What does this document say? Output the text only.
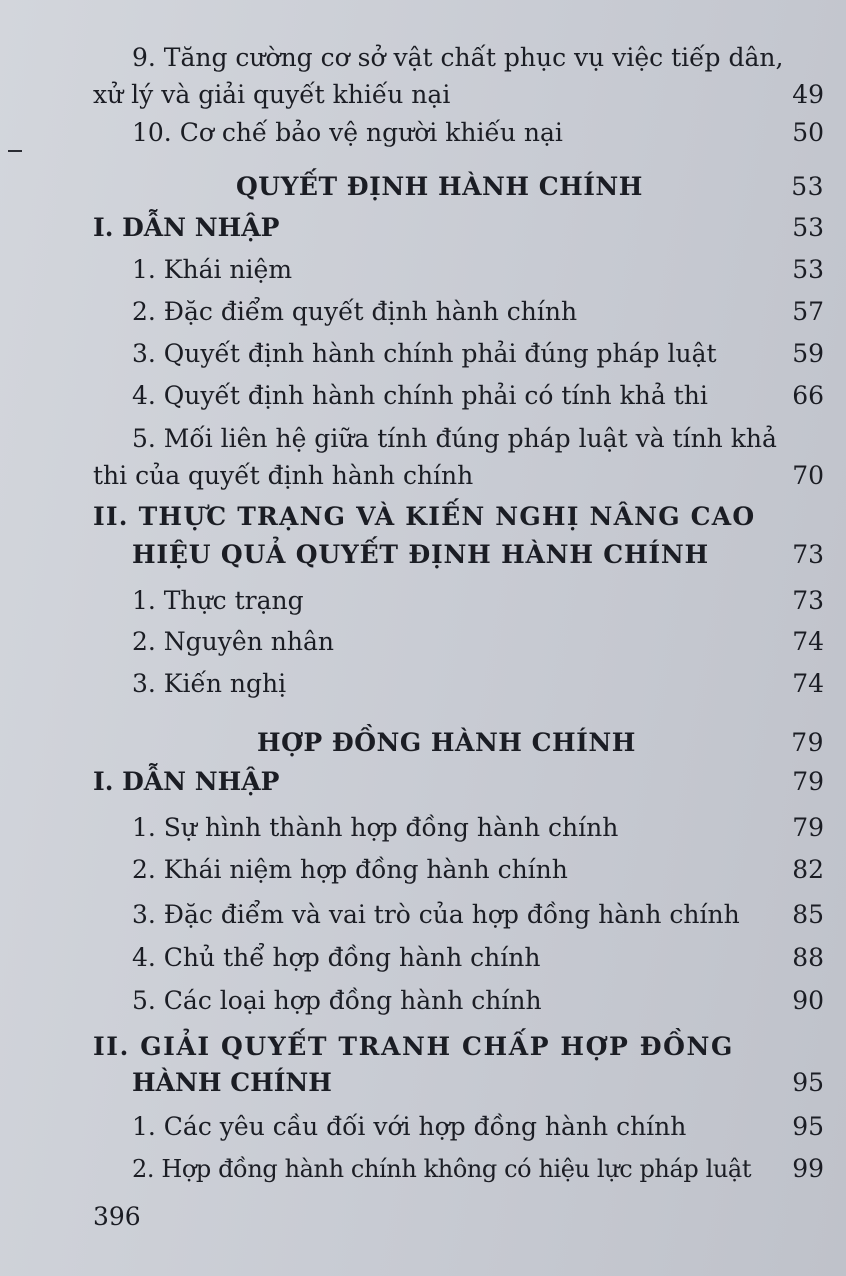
9. Tăng cường cơ sở vật chất phục vụ việc tiếp dân,
xử lý và giải quyết khiếu nại	49
10. Cơ chế bảo vệ người khiếu nại	50
QUYẾT ĐỊNH HÀNH CHÍNH	53
I. DẪN NHẬP	53
1. Khái niệm	53
2. Đặc điểm quyết định hành chính	57
3. Quyết định hành chính phải đúng pháp luật	59
4. Quyết định hành chính phải có tính khả thi	66
5. Mối liên hệ giữa tính đúng pháp luật và tính khả
thi của quyết định hành chính	70
II. THỰC TRẠNG VÀ KIẾN NGHỊ NÂNG CAO
HIỆU QUẢ QUYẾT ĐỊNH HÀNH CHÍNH	73
1. Thực trạng	73
2. Nguyên nhân	74
3. Kiến nghị	74
HỢP ĐỒNG HÀNH CHÍNH	79
I. DẪN NHẬP	79
1. Sự hình thành hợp đồng hành chính	79
2. Khái niệm hợp đồng hành chính	82
3. Đặc điểm và vai trò của hợp đồng hành chính 85
4. Chủ thể hợp đồng hành chính	88
5. Các loại hợp đồng hành chính	90
II. GIẢI QUYẾT TRANH CHẤP HỢP ĐỒNG
HÀNH CHÍNH	95
1. Các yêu cầu đối với hợp đồng hành chính	95
2. Hợp đồng hành chính không có hiệu lực pháp luật 99
396
